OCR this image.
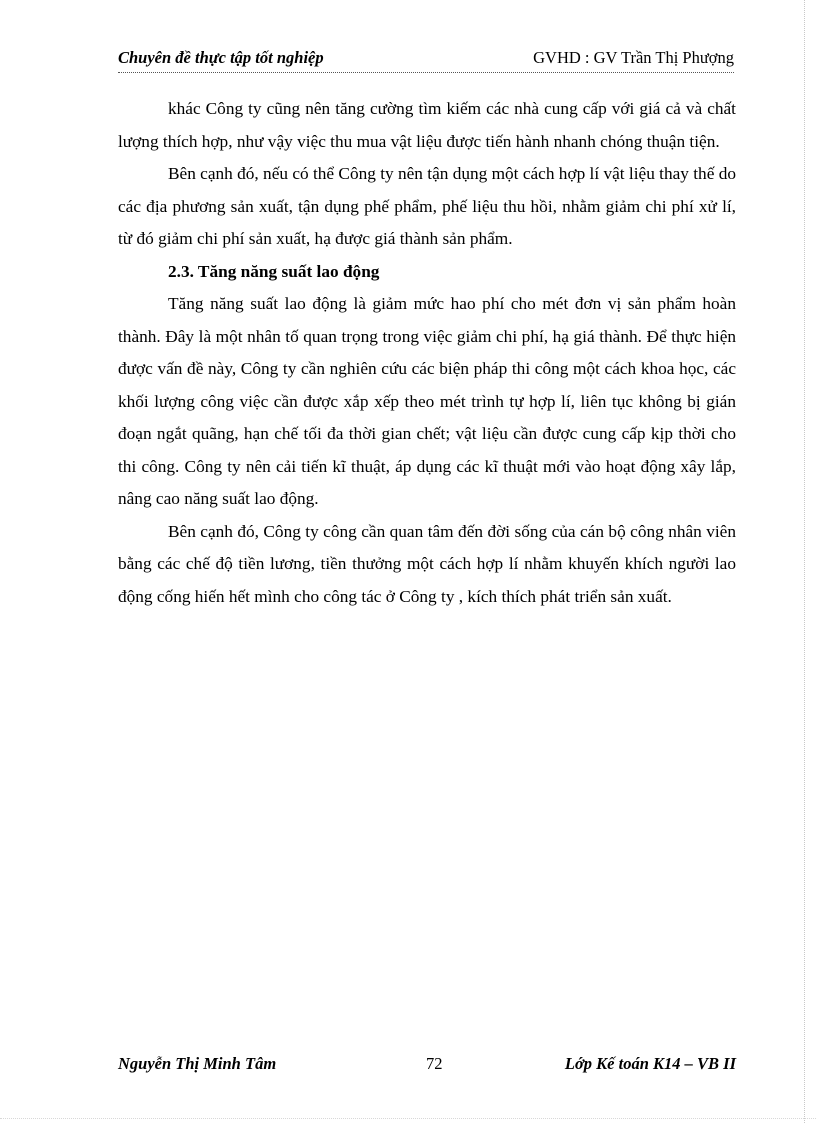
Chuyên đề thực tập tốt nghiệp	GVHD : GV Trần Thị Phượng

khác Công ty cũng nên tăng cường tìm kiếm các nhà cung cấp với giá cả và chất lượng thích hợp, như vậy việc thu mua vật liệu được tiến hành nhanh chóng thuận tiện.

Bên cạnh đó, nếu có thể Công ty nên tận dụng một cách hợp lí vật liệu thay thế do các địa phương sản xuất, tận dụng phế phẩm, phế liệu thu hồi, nhằm giảm chi phí xử lí, từ đó giảm chi phí sản xuất, hạ được giá thành sản phẩm.

2.3. Tăng năng suất lao động

Tăng năng suất lao động là giảm mức hao phí cho mét đơn vị sản phẩm hoàn thành. Đây là một nhân tố quan trọng trong việc giảm chi phí, hạ giá thành. Để thực hiện được vấn đề này, Công ty cần nghiên cứu các biện pháp thi công một cách khoa học, các khối lượng công việc cần được xắp xếp theo mét trình tự hợp lí, liên tục không bị gián đoạn ngắt quãng, hạn chế tối đa thời gian chết; vật liệu cần được cung cấp kịp thời cho thi công. Công ty nên cải tiến kĩ thuật, áp dụng các kĩ thuật mới vào hoạt động xây lắp, nâng cao năng suất lao động.

Bên cạnh đó, Công ty công cần quan tâm đến đời sống của cán bộ công nhân viên bằng các chế độ tiền lương, tiền thưởng một cách hợp lí nhằm khuyến khích người lao động cống hiến hết mình cho công tác ở Công ty , kích thích phát triển sản xuất.

Nguyễn Thị Minh Tâm	72	Lớp Kế toán K14 – VB II
